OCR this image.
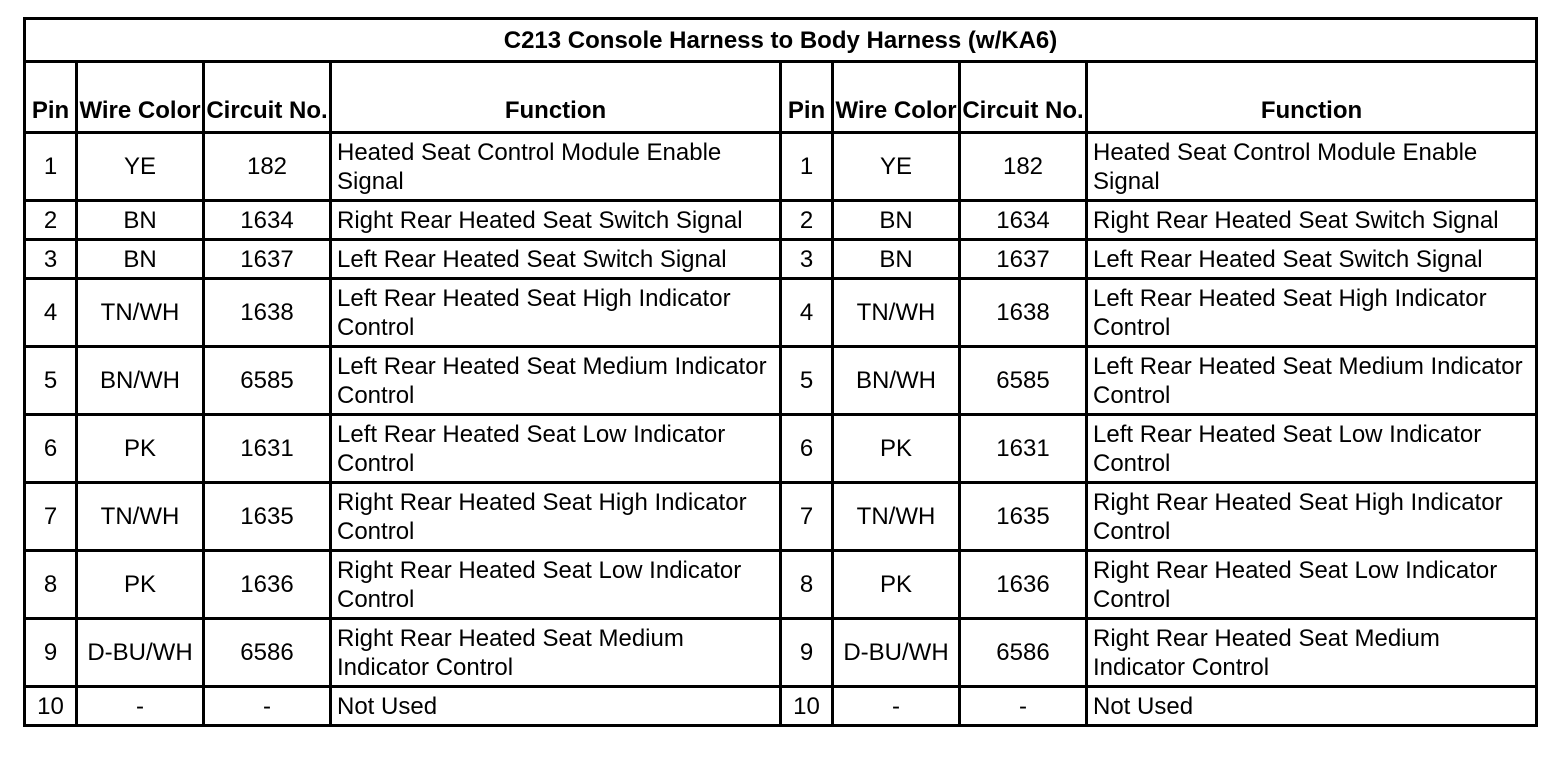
C213 Console Harness to Body Harness (w/KA6)							
Pin	Wire Color	Circuit No.	Function	Pin	Wire Color	Circuit No.	Function
1	YE	182	Heated Seat Control Module Enable Signal	1	YE	182	Heated Seat Control Module Enable Signal
2	BN	1634	Right Rear Heated Seat Switch Signal	2	BN	1634	Right Rear Heated Seat Switch Signal
3	BN	1637	Left Rear Heated Seat Switch Signal	3	BN	1637	Left Rear Heated Seat Switch Signal
4	TN/WH	1638	Left Rear Heated Seat High Indicator Control	4	TN/WH	1638	Left Rear Heated Seat High Indicator Control
5	BN/WH	6585	Left Rear Heated Seat Medium Indicator Control	5	BN/WH	6585	Left Rear Heated Seat Medium Indicator Control
6	PK	1631	Left Rear Heated Seat Low Indicator Control	6	PK	1631	Left Rear Heated Seat Low Indicator Control
7	TN/WH	1635	Right Rear Heated Seat High Indicator Control	7	TN/WH	1635	Right Rear Heated Seat High Indicator Control
8	PK	1636	Right Rear Heated Seat Low Indicator Control	8	PK	1636	Right Rear Heated Seat Low Indicator Control
9	D-BU/WH	6586	Right Rear Heated Seat Medium Indicator Control	9	D-BU/WH	6586	Right Rear Heated Seat Medium Indicator Control
10	-	-	Not Used	10	-	-	Not Used
